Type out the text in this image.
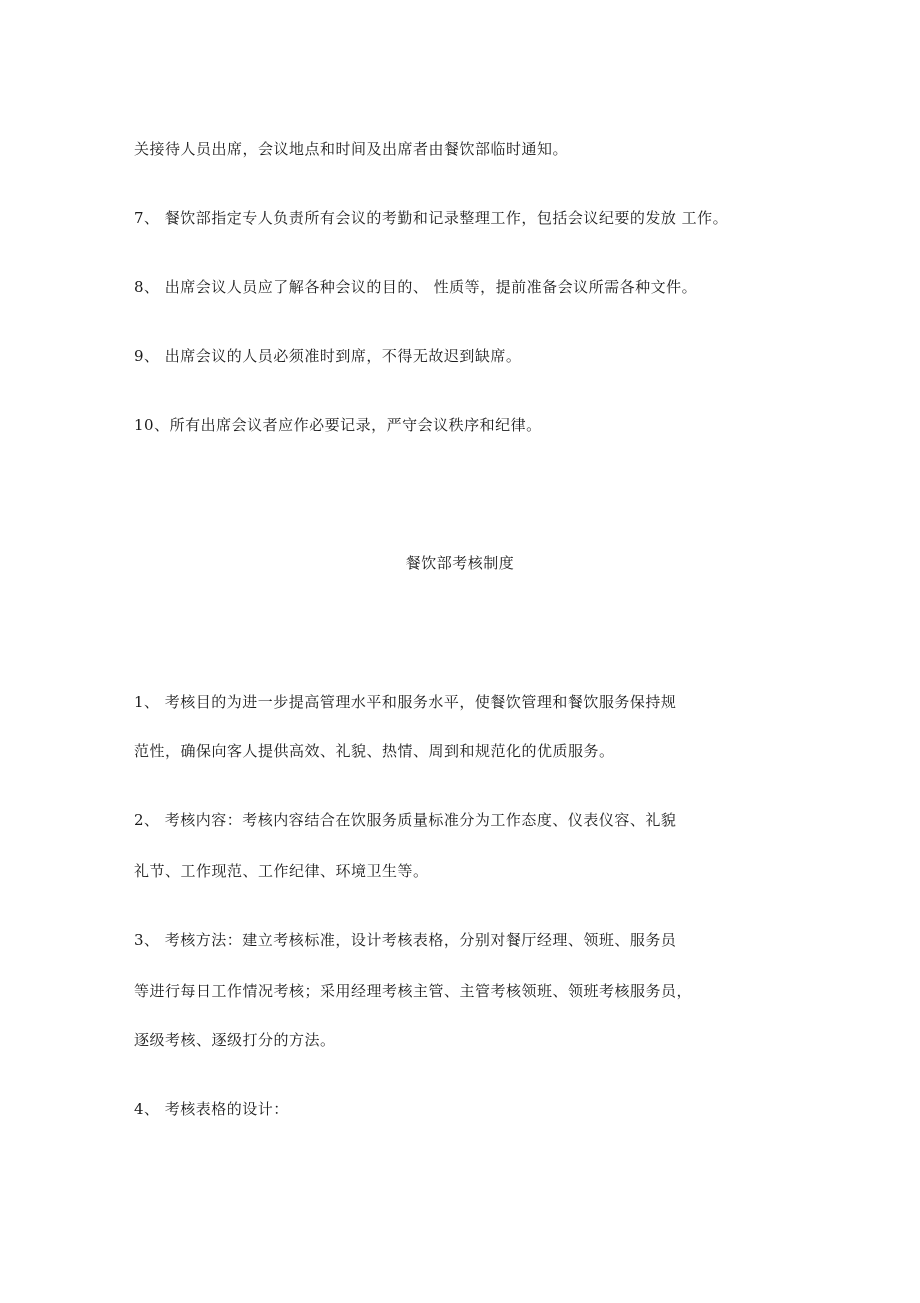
关接待人员出席，会议地点和时间及出席者由餐饮部临时通知。
7、 餐饮部指定专人负责所有会议的考勤和记录整理工作，包括会议纪要的发放 工作。
8、 出席会议人员应了解各种会议的目的、 性质等，提前准备会议所需各种文件。
9、 出席会议的人员必须准时到席，不得无故迟到缺席。
10、所有出席会议者应作必要记录，严守会议秩序和纪律。
餐饮部考核制度
1、 考核目的为进一步提高管理水平和服务水平，使餐饮管理和餐饮服务保持规
范性，确保向客人提供高效、礼貌、热情、周到和规范化的优质服务。
2、 考核内容：考核内容结合在饮服务质量标准分为工作态度、仪表仪容、礼貌
礼节、工作现范、工作纪律、环境卫生等。
3、 考核方法：建立考核标准，设计考核表格，分别对餐厅经理、领班、服务员
等进行每日工作情况考核；采用经理考核主管、主管考核领班、领班考核服务员，
逐级考核、逐级打分的方法。
4、 考核表格的设计：
